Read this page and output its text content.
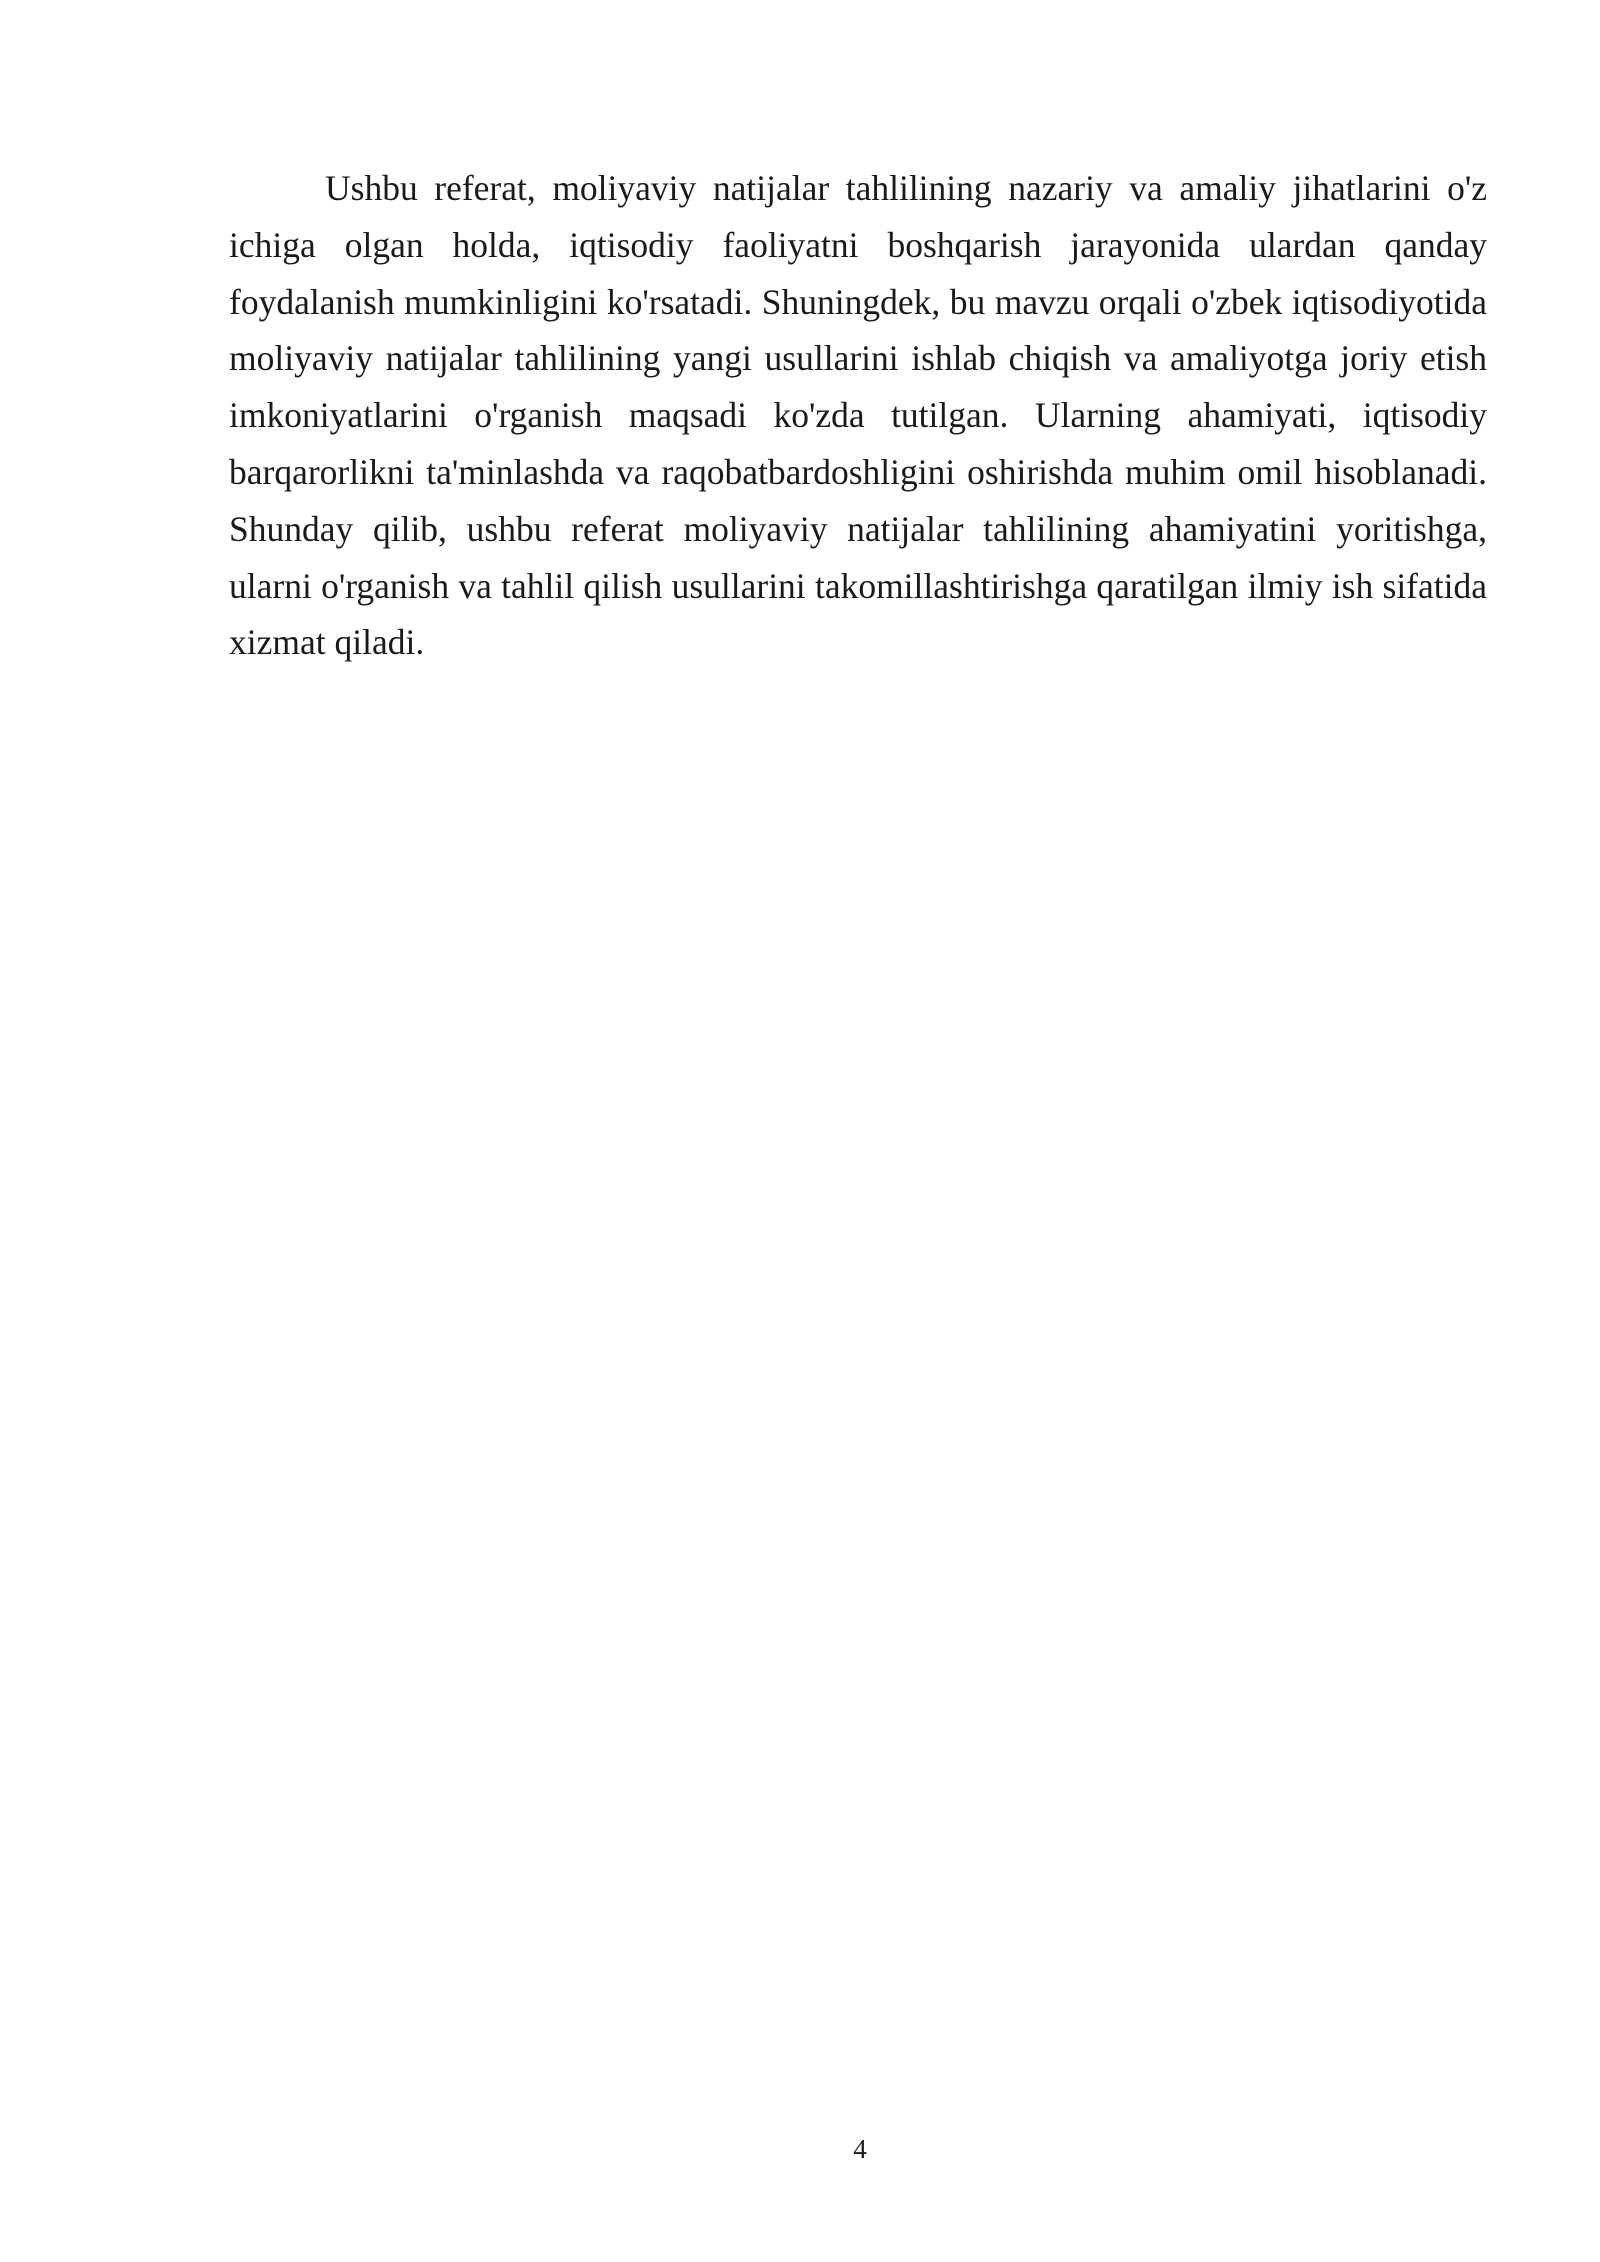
Ushbu referat, moliyaviy natijalar tahlilining nazariy va amaliy jihatlarini o'z ichiga olgan holda, iqtisodiy faoliyatni boshqarish jarayonida ulardan qanday foydalanish mumkinligini ko'rsatadi. Shuningdek, bu mavzu orqali o'zbek iqtisodiyotida moliyaviy natijalar tahlilining yangi usullarini ishlab chiqish va amaliyotga joriy etish imkoniyatlarini o'rganish maqsadi ko'zda tutilgan. Ularning ahamiyati, iqtisodiy barqarorlikni ta'minlashda va raqobatbardoshligini oshirishda muhim omil hisoblanadi. Shunday qilib, ushbu referat moliyaviy natijalar tahlilining ahamiyatini yoritishga, ularni o'rganish va tahlil qilish usullarini takomillashtirishga qaratilgan ilmiy ish sifatida xizmat qiladi.

4
